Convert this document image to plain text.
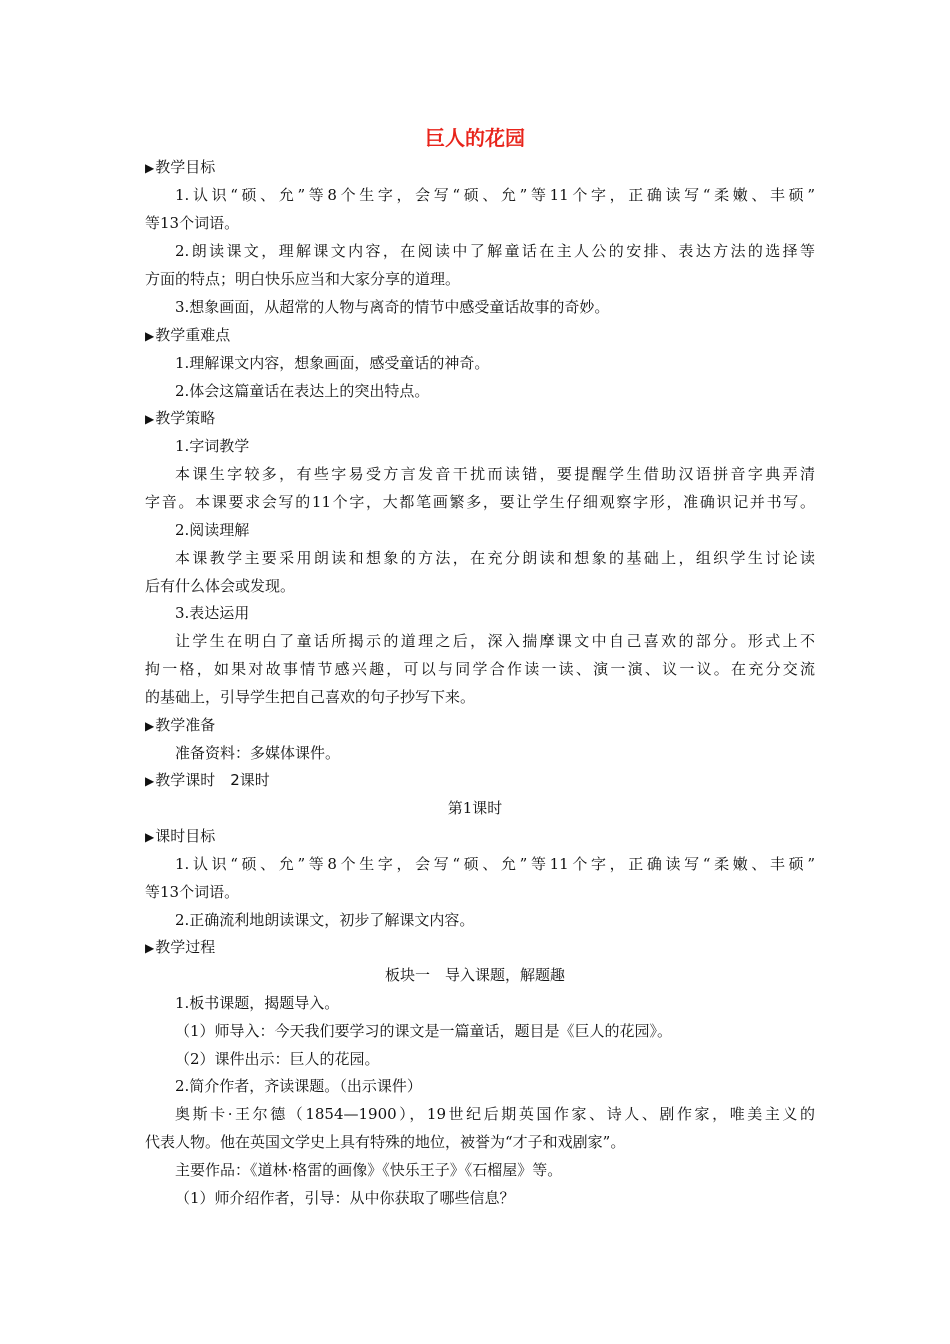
巨人的花园
▶教学目标
1.认识“硕、允”等8个生字，会写“硕、允”等11个字，正确读写“柔嫩、丰硕”
等13个词语。
2.朗读课文，理解课文内容，在阅读中了解童话在主人公的安排、表达方法的选择等
方面的特点；明白快乐应当和大家分享的道理。
3.想象画面，从超常的人物与离奇的情节中感受童话故事的奇妙。
▶教学重难点
1.理解课文内容，想象画面，感受童话的神奇。
2.体会这篇童话在表达上的突出特点。
▶教学策略
1.字词教学
本课生字较多，有些字易受方言发音干扰而读错，要提醒学生借助汉语拼音字典弄清
字音。本课要求会写的11个字，大都笔画繁多，要让学生仔细观察字形，准确识记并书写。
2.阅读理解
本课教学主要采用朗读和想象的方法，在充分朗读和想象的基础上，组织学生讨论读
后有什么体会或发现。
3.表达运用
让学生在明白了童话所揭示的道理之后，深入揣摩课文中自己喜欢的部分。形式上不
拘一格，如果对故事情节感兴趣，可以与同学合作读一读、演一演、议一议。在充分交流
的基础上，引导学生把自己喜欢的句子抄写下来。
▶教学准备
准备资料：多媒体课件。
▶教学课时　2课时
第1课时
▶课时目标
1.认识“硕、允”等8个生字，会写“硕、允”等11个字，正确读写“柔嫩、丰硕”
等13个词语。
2.正确流利地朗读课文，初步了解课文内容。
▶教学过程
板块一　导入课题，解题趣
1.板书课题，揭题导入。
（1）师导入：今天我们要学习的课文是一篇童话，题目是《巨人的花园》。
（2）课件出示：巨人的花园。
2.简介作者，齐读课题。（出示课件）
奥斯卡·王尔德（1854—1900），19世纪后期英国作家、诗人、剧作家，唯美主义的
代表人物。他在英国文学史上具有特殊的地位，被誉为“才子和戏剧家”。
主要作品：《道林·格雷的画像》《快乐王子》《石榴屋》等。
（1）师介绍作者，引导：从中你获取了哪些信息？
